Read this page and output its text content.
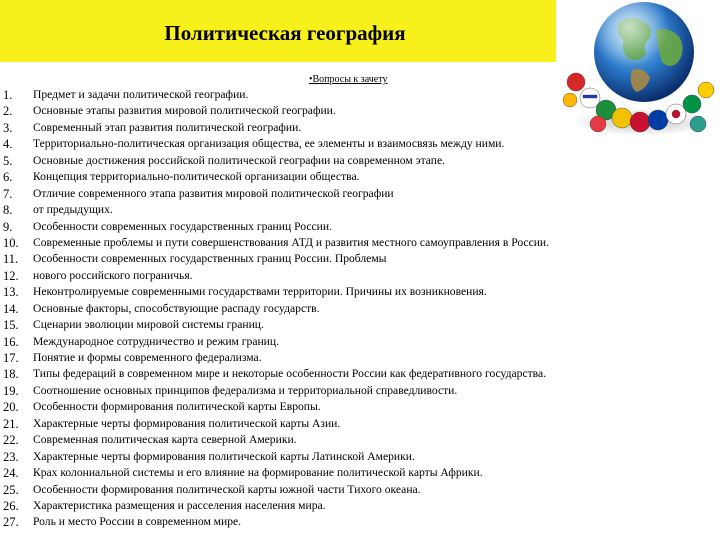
Политическая география

•Вопросы к зачету

1.	Предмет и задачи политической географии.
2.	Основные этапы развития мировой политической географии.
3.	Современный этап развития политической географии.
4.	Территориально-политическая организация общества, ее элементы и взаимосвязь между ними.
5.	Основные достижения российской политической географии на современном этапе.
6.	Концепция территориально-политической организации общества.
7.	Отличие современного этапа развития мировой политической географии
8.	от предыдущих.
9.	Особенности современных государственных границ России.
10.	Современные проблемы и пути совершенствования АТД и развития местного самоуправления в России.
11.	Особенности современных государственных границ России. Проблемы
12.	нового российского пограничья.
13.	Неконтролируемые современными государствами территории. Причины их возникновения.
14.	Основные факторы, способствующие распаду государств.
15.	Сценарии эволюции мировой системы границ.
16.	Международное сотрудничество и режим границ.
17.	Понятие и формы современного федерализма.
18.	Типы федераций в современном мире и некоторые особенности России как федеративного государства.
19.	Соотношение основных принципов федерализма и территориальной справедливости.
20.	Особенности формирования политической карты Европы.
21.	Характерные черты формирования политической карты Азии.
22.	Современная политическая карта северной Америки.
23.	Характерные черты формирования политической карты Латинской Америки.
24.	Крах колониальной системы и его влияние на формирование политической карты Африки.
25.	Особенности формирования политической карты южной части Тихого океана.
26.	Характеристика размещения и расселения населения мира.
27.	Роль и место России в современном мире.
